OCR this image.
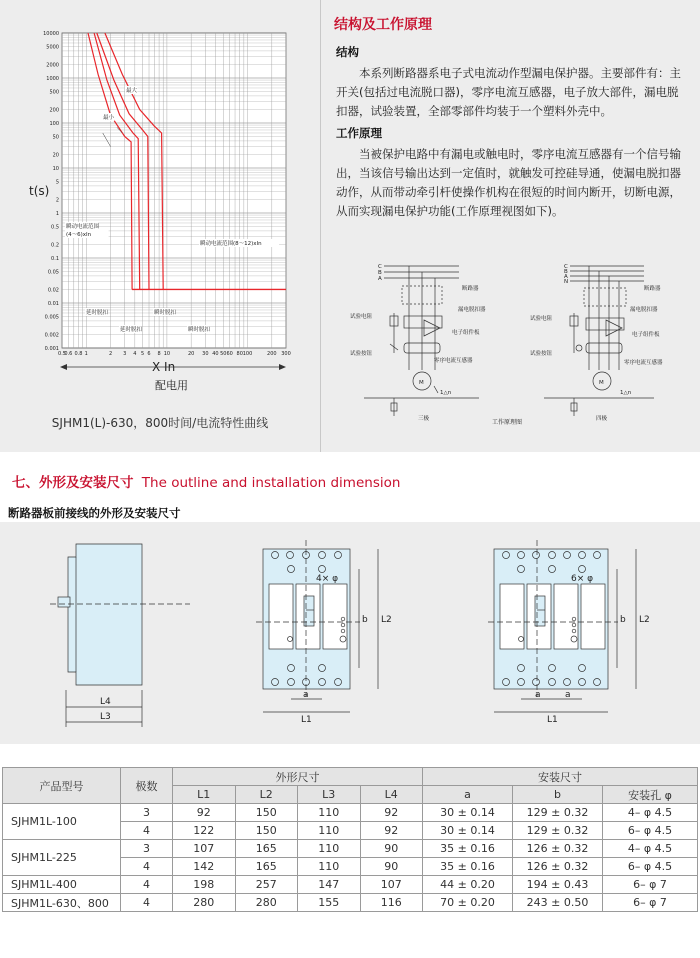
10000
5000
2000
1000
500
200
100
50
20
10
5
2
1
0.5
0.2
0.1
0.05
0.02
0.01
0.005
0.002
0.001
0.5
0.6 0.8 1	2 3 4 5 6 8 10	20 30 40 50 60 80 100	200 300
最大
最小
瞬动电流范围
(4～6)xIn
瞬动电流范围(8～12)xIn
延时脱扣	瞬时脱扣
延时脱扣	瞬时脱扣
t(s)
X In
配电用
SJHM1(L)-630，800时间/电流特性曲线
结构及工作原理
结构

本系列断路器系电子式电流动作型漏电保护器。主要部件有：主开关(包括过电流脱口器)，零序电流互感器，电子放大部件，漏电脱扣器，试验装置，全部零部件均装于一个塑料外壳中。

工作原理

当被保护电路中有漏电或触电时，零序电流互感器有一个信号输出，当该信号输出达到一定值时，就触发可控硅导通，使漏电脱扣器动作，从而带动牵引杆使操作机构在很短的时间内断开，切断电源，从而实现漏电保护功能(工作原理视图如下)。

C
B
A
断路器
漏电脱扣器
试验电阻
电子组件板
试验按钮
零序电流互感器
M
1△n
三极
C
B
A
N
断路器
漏电脱扣器
试验电阻
电子组件板
试验按钮
零序电流互感器
M
1△n
四极
工作原理图
七、外形及安装尺寸 The outline and installation dimension
断路器板前接线的外形及安装尺寸
L4
L3
4× φ
a
L1
b L2
6× φ
a	a
L1
b L2
产品型号	极数	外形尺寸				安装尺寸		
		L1	L2	L3	L4	a	b	安装孔 φ
SJHM1L-100	3	92	150	110	92	30 ± 0.14	129 ± 0.32	4– φ 4.5
	4	122	150	110	92	30 ± 0.14	129 ± 0.32	6– φ 4.5
SJHM1L-225	3	107	165	110	90	35 ± 0.16	126 ± 0.32	4– φ 4.5
	4	142	165	110	90	35 ± 0.16	126 ± 0.32	6– φ 4.5
SJHM1L-400	4	198	257	147	107	44 ± 0.20	194 ± 0.43	6– φ 7
SJHM1L-630、800	4	280	280	155	116	70 ± 0.20	243 ± 0.50	6– φ 7
